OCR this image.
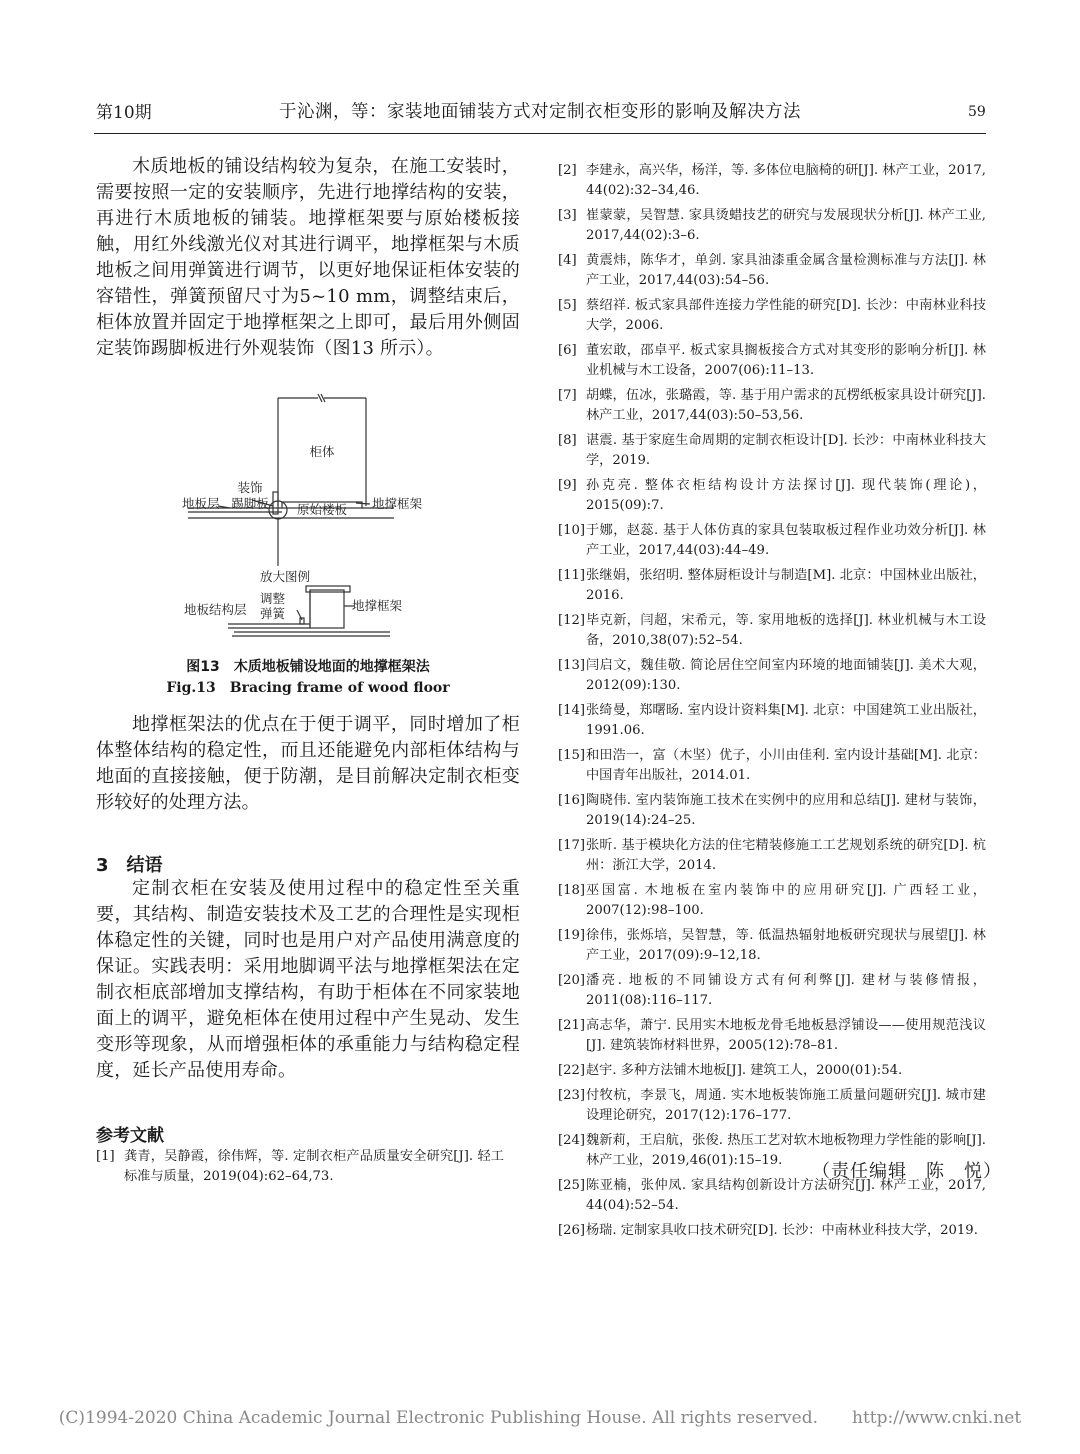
第10期	于沁渊，等：家装地面铺装方式对定制衣柜变形的影响及解决方法	59

木质地板的铺设结构较为复杂，在施工安装时，需要按照一定的安装顺序，先进行地撑结构的安装，再进行木质地板的铺装。地撑框架要与原始楼板接触，用红外线激光仪对其进行调平，地撑框架与木质地板之间用弹簧进行调节，以更好地保证柜体安装的容错性，弹簧预留尺寸为5~10 mm，调整结束后，柜体放置并固定于地撑框架之上即可，最后用外侧固定装饰踢脚板进行外观装饰（图13 所示）。

柜体
装饰
踢脚板
地板层	原始楼板 地撑框架
放大图例
调整
弹簧
地板结构层	地撑框架
图13　木质地板铺设地面的地撑框架法
Fig.13　Bracing frame of wood floor

地撑框架法的优点在于便于调平，同时增加了柜体整体结构的稳定性，而且还能避免内部柜体结构与地面的直接接触，便于防潮，是目前解决定制衣柜变形较好的处理方法。

3　结语

定制衣柜在安装及使用过程中的稳定性至关重要，其结构、制造安装技术及工艺的合理性是实现柜体稳定性的关键，同时也是用户对产品使用满意度的保证。实践表明：采用地脚调平法与地撑框架法在定制衣柜底部增加支撑结构，有助于柜体在不同家装地面上的调平，避免柜体在使用过程中产生晃动、发生变形等现象，从而增强柜体的承重能力与结构稳定程度，延长产品使用寿命。

参考文献
[1] 龚青，吴静霞，徐伟辉，等. 定制衣柜产品质量安全研究[J]. 轻工标准与质量，2019(04):62–64,73.
[2] 李建永，高兴华，杨洋，等. 多体位电脑椅的研[J]. 林产工业，2017, 44(02):32–34,46.
[3] 崔蒙蒙，吴智慧. 家具烫蜡技艺的研究与发展现状分析[J]. 林产工业, 2017,44(02):3–6.
[4] 黄震炜，陈华才，单剑. 家具油漆重金属含量检测标准与方法[J]. 林产工业，2017,44(03):54–56.
[5] 蔡绍祥. 板式家具部件连接力学性能的研究[D]. 长沙：中南林业科技大学，2006.
[6] 董宏敢，邵卓平. 板式家具搁板接合方式对其变形的影响分析[J]. 林业机械与木工设备，2007(06):11–13.
[7] 胡蝶，伍冰，张璐霞，等. 基于用户需求的瓦楞纸板家具设计研究[J]. 林产工业，2017,44(03):50–53,56.
[8] 谌震. 基于家庭生命周期的定制衣柜设计[D]. 长沙：中南林业科技大学，2019.
[9] 孙克亮. 整体衣柜结构设计方法探讨[J]. 现代装饰(理论)，2015(09):7.
[10] 于娜，赵蕊. 基于人体仿真的家具包装取板过程作业功效分析[J]. 林产工业，2017,44(03):44–49.
[11] 张继娟，张绍明. 整体厨柜设计与制造[M]. 北京：中国林业出版社，2016.
[12] 毕克新，闫超，宋希元，等. 家用地板的选择[J]. 林业机械与木工设备，2010,38(07):52–54.
[13] 闫启文，魏佳敬. 简论居住空间室内环境的地面铺装[J]. 美术大观，2012(09):130.
[14] 张绮曼，郑曙旸. 室内设计资料集[M]. 北京：中国建筑工业出版社，1991.06.
[15] 和田浩一，富（木坚）优子，小川由佳利. 室内设计基础[M]. 北京：中国青年出版社，2014.01.
[16] 陶晓伟. 室内装饰施工技术在实例中的应用和总结[J]. 建材与装饰，2019(14):24–25.
[17] 张昕. 基于模块化方法的住宅精装修施工工艺规划系统的研究[D]. 杭州：浙江大学，2014.
[18] 巫国富. 木地板在室内装饰中的应用研究[J]. 广西轻工业，2007(12):98–100.
[19] 徐伟，张烁培，吴智慧，等. 低温热辐射地板研究现状与展望[J]. 林产工业，2017(09):9–12,18.
[20] 潘亮. 地板的不同铺设方式有何利弊[J]. 建材与装修情报，2011(08):116–117.
[21] 高志华，萧宁. 民用实木地板龙骨毛地板悬浮铺设——使用规范浅议[J]. 建筑装饰材料世界，2005(12):78–81.
[22] 赵宇. 多种方法铺木地板[J]. 建筑工人，2000(01):54.
[23] 付牧杭，李景飞，周通. 实木地板装饰施工质量问题研究[J]. 城市建设理论研究，2017(12):176–177.
[24] 魏新莉，王启航，张俊. 热压工艺对软木地板物理力学性能的影响[J]. 林产工业，2019,46(01):15–19.
[25] 陈亚楠，张仲凤. 家具结构创新设计方法研究[J]. 林产工业，2017, 44(04):52–54.
[26] 杨瑞. 定制家具收口技术研究[D]. 长沙：中南林业科技大学，2019.
（责任编辑　陈　悦）
(C)1994-2020 China Academic Journal Electronic Publishing House. All rights reserved.　　http://www.cnki.net
